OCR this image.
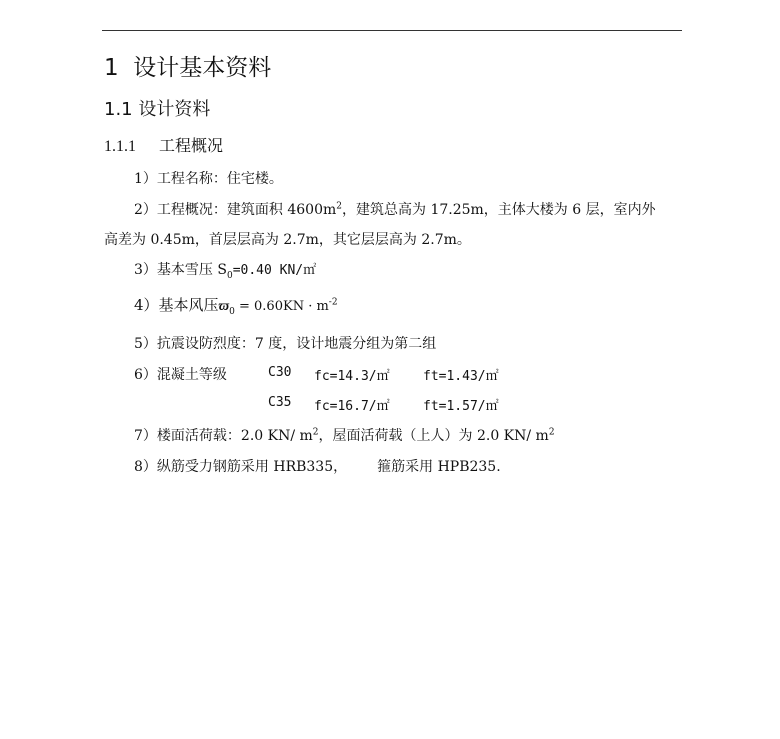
1 设计基本资料
1.1 设计资料
1.1.1 工程概况
1）工程名称：住宅楼。
2）工程概况：建筑面积 $4600m^2$，建筑总高为 17.25m，主体大楼为 6 层，室内外
高差为 0.45m，首层层高为 2.7m，其它层层高为 2.7m。
3）基本雪压 $S_0=0.40$ KN/㎡
4）基本风压$ϖ_0 = 0.60KN \cdot m^{-2}$
5）抗震设防烈度：7 度，设计地震分组为第二组
6）混凝土等级	C30 fc=14.3/㎡	ft=1.43/㎡
C35 fc=16.7/㎡	ft=1.57/㎡
7）楼面活荷载：2.0 KN/ $m^2$，屋面活荷载（上人）为 2.0 KN/ $m^2$
8）纵筋受力钢筋采用 HRB335， 箍筋采用 HPB235.
